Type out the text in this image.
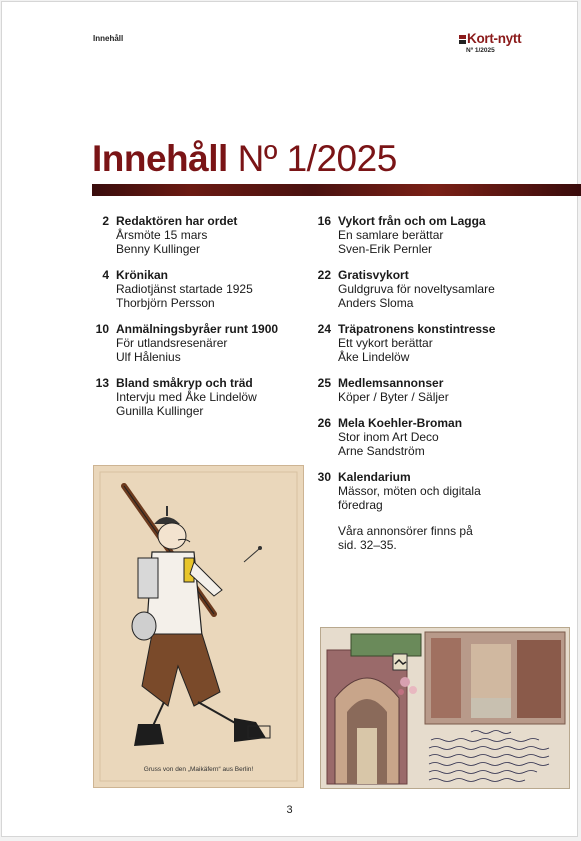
Innehåll	Kort-nytt
Nº 1/2025
Innehåll Nº 1/2025
2 Redaktören har ordet
Årsmöte 15 mars
Benny Kullinger
4 Krönikan
Radiotjänst startade 1925
Thorbjörn Persson
10 Anmälningsbyråer runt 1900
För utlandsresenärer
Ulf Hålenius
13 Bland småkryp och träd
Intervju med Åke Lindelöw
Gunilla Kullinger
16 Vykort från och om Lagga
En samlare berättar
Sven-Erik Pernler
22 Gratisvykort
Guldgruva för noveltysamlare
Anders Sloma
24 Träpatronens konstintresse
Ett vykort berättar
Åke Lindelöw
25 Medlemsannonser
Köper / Byter / Säljer
26 Mela Koehler-Broman
Stor inom Art Deco
Arne Sandström
30 Kalendarium
Mässor, möten och digitala
föredrag
Våra annonsörer finns på
sid. 32–35.
Gruss von den „Maikäfern“ aus Berlin!
3
